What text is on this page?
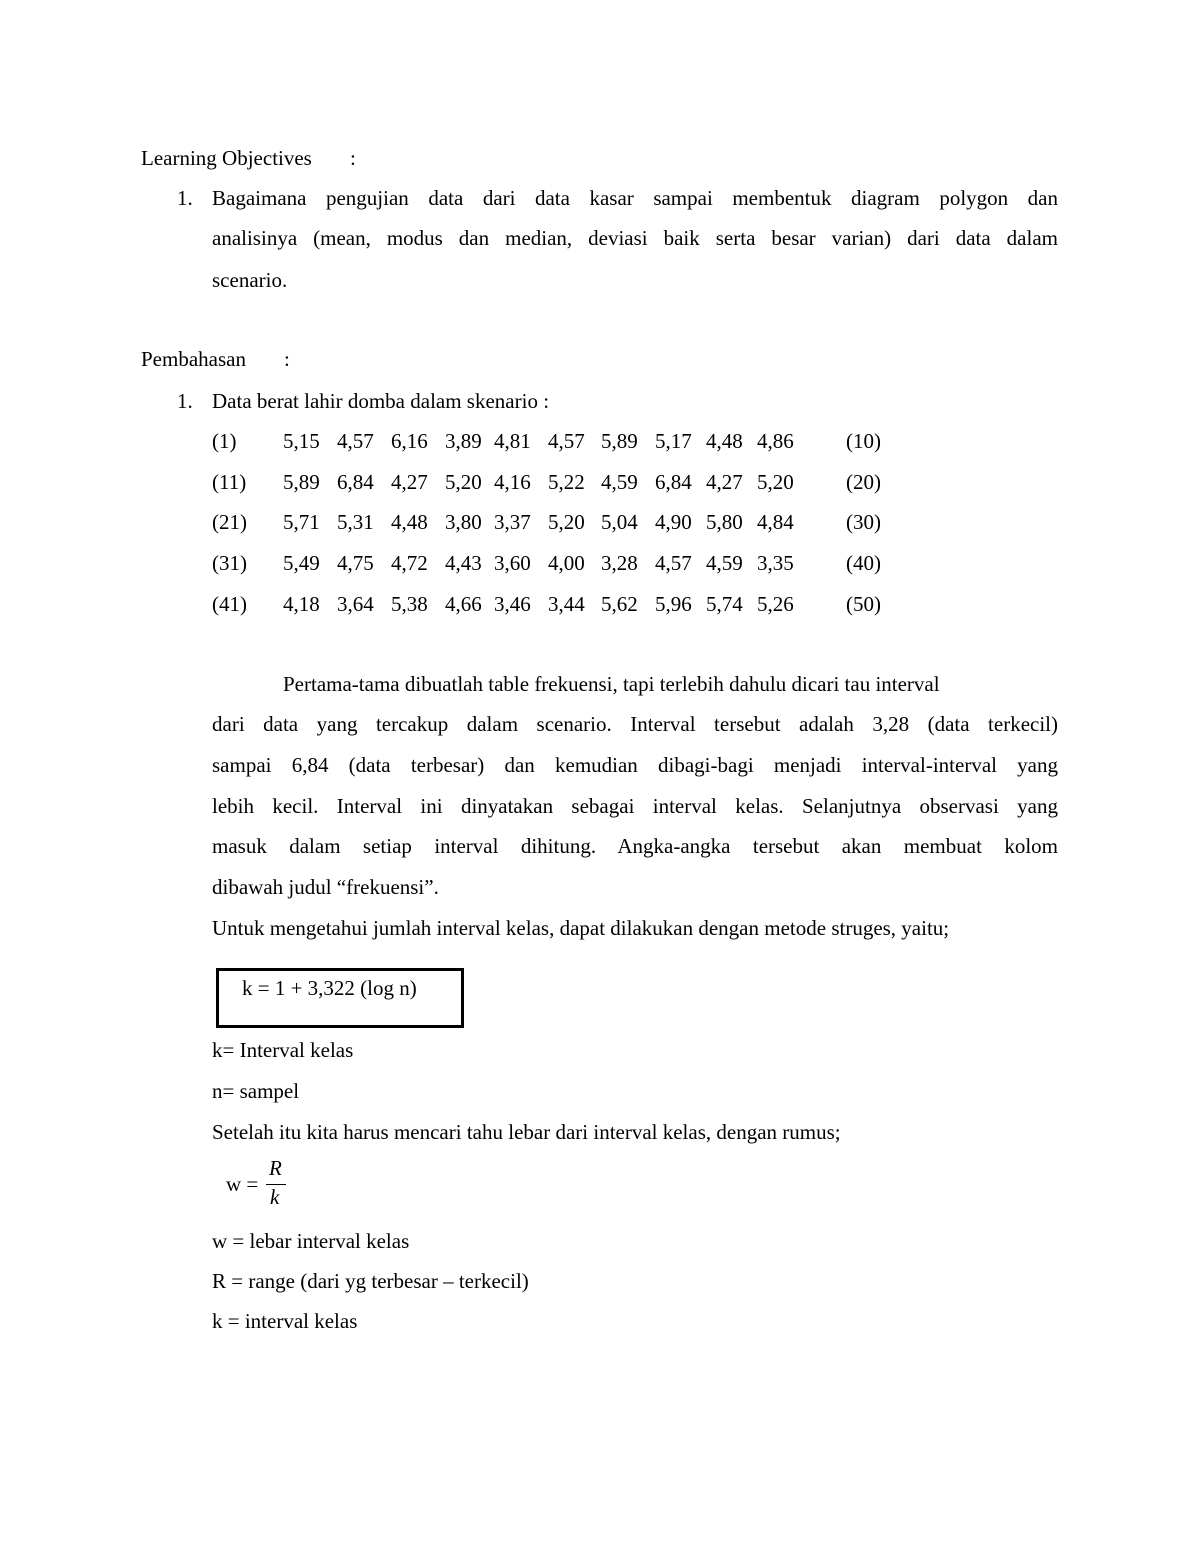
Learning Objectives :
1. Bagaimana pengujian data dari data kasar sampai membentuk diagram polygon dan
analisinya (mean, modus dan median, deviasi baik serta besar varian) dari data dalam
scenario.
Pembahasan :
1. Data berat lahir domba dalam skenario :
(1) 5,15 4,57 6,16 3,89 4,81 4,57 5,89 5,17 4,48 4,86 (10)
(11) 5,89 6,84 4,27 5,20 4,16 5,22 4,59 6,84 4,27 5,20 (20)
(21) 5,71 5,31 4,48 3,80 3,37 5,20 5,04 4,90 5,80 4,84 (30)
(31) 5,49 4,75 4,72 4,43 3,60 4,00 3,28 4,57 4,59 3,35 (40)
(41) 4,18 3,64 5,38 4,66 3,46 3,44 5,62 5,96 5,74 5,26 (50)
Pertama-tama dibuatlah table frekuensi, tapi terlebih dahulu dicari tau interval
dari data yang tercakup dalam scenario. Interval tersebut adalah 3,28 (data terkecil)
sampai 6,84 (data terbesar) dan kemudian dibagi-bagi menjadi interval-interval yang
lebih kecil. Interval ini dinyatakan sebagai interval kelas. Selanjutnya observasi yang
masuk dalam setiap interval dihitung. Angka-angka tersebut akan membuat kolom
dibawah judul “frekuensi”.
Untuk mengetahui jumlah interval kelas, dapat dilakukan dengan metode struges, yaitu;
k = 1 + 3,322 (log n)
k= Interval kelas
n= sampel
Setelah itu kita harus mencari tahu lebar dari interval kelas, dengan rumus;
w =
R
k
w = lebar interval kelas
R = range (dari yg terbesar – terkecil)
k = interval kelas
